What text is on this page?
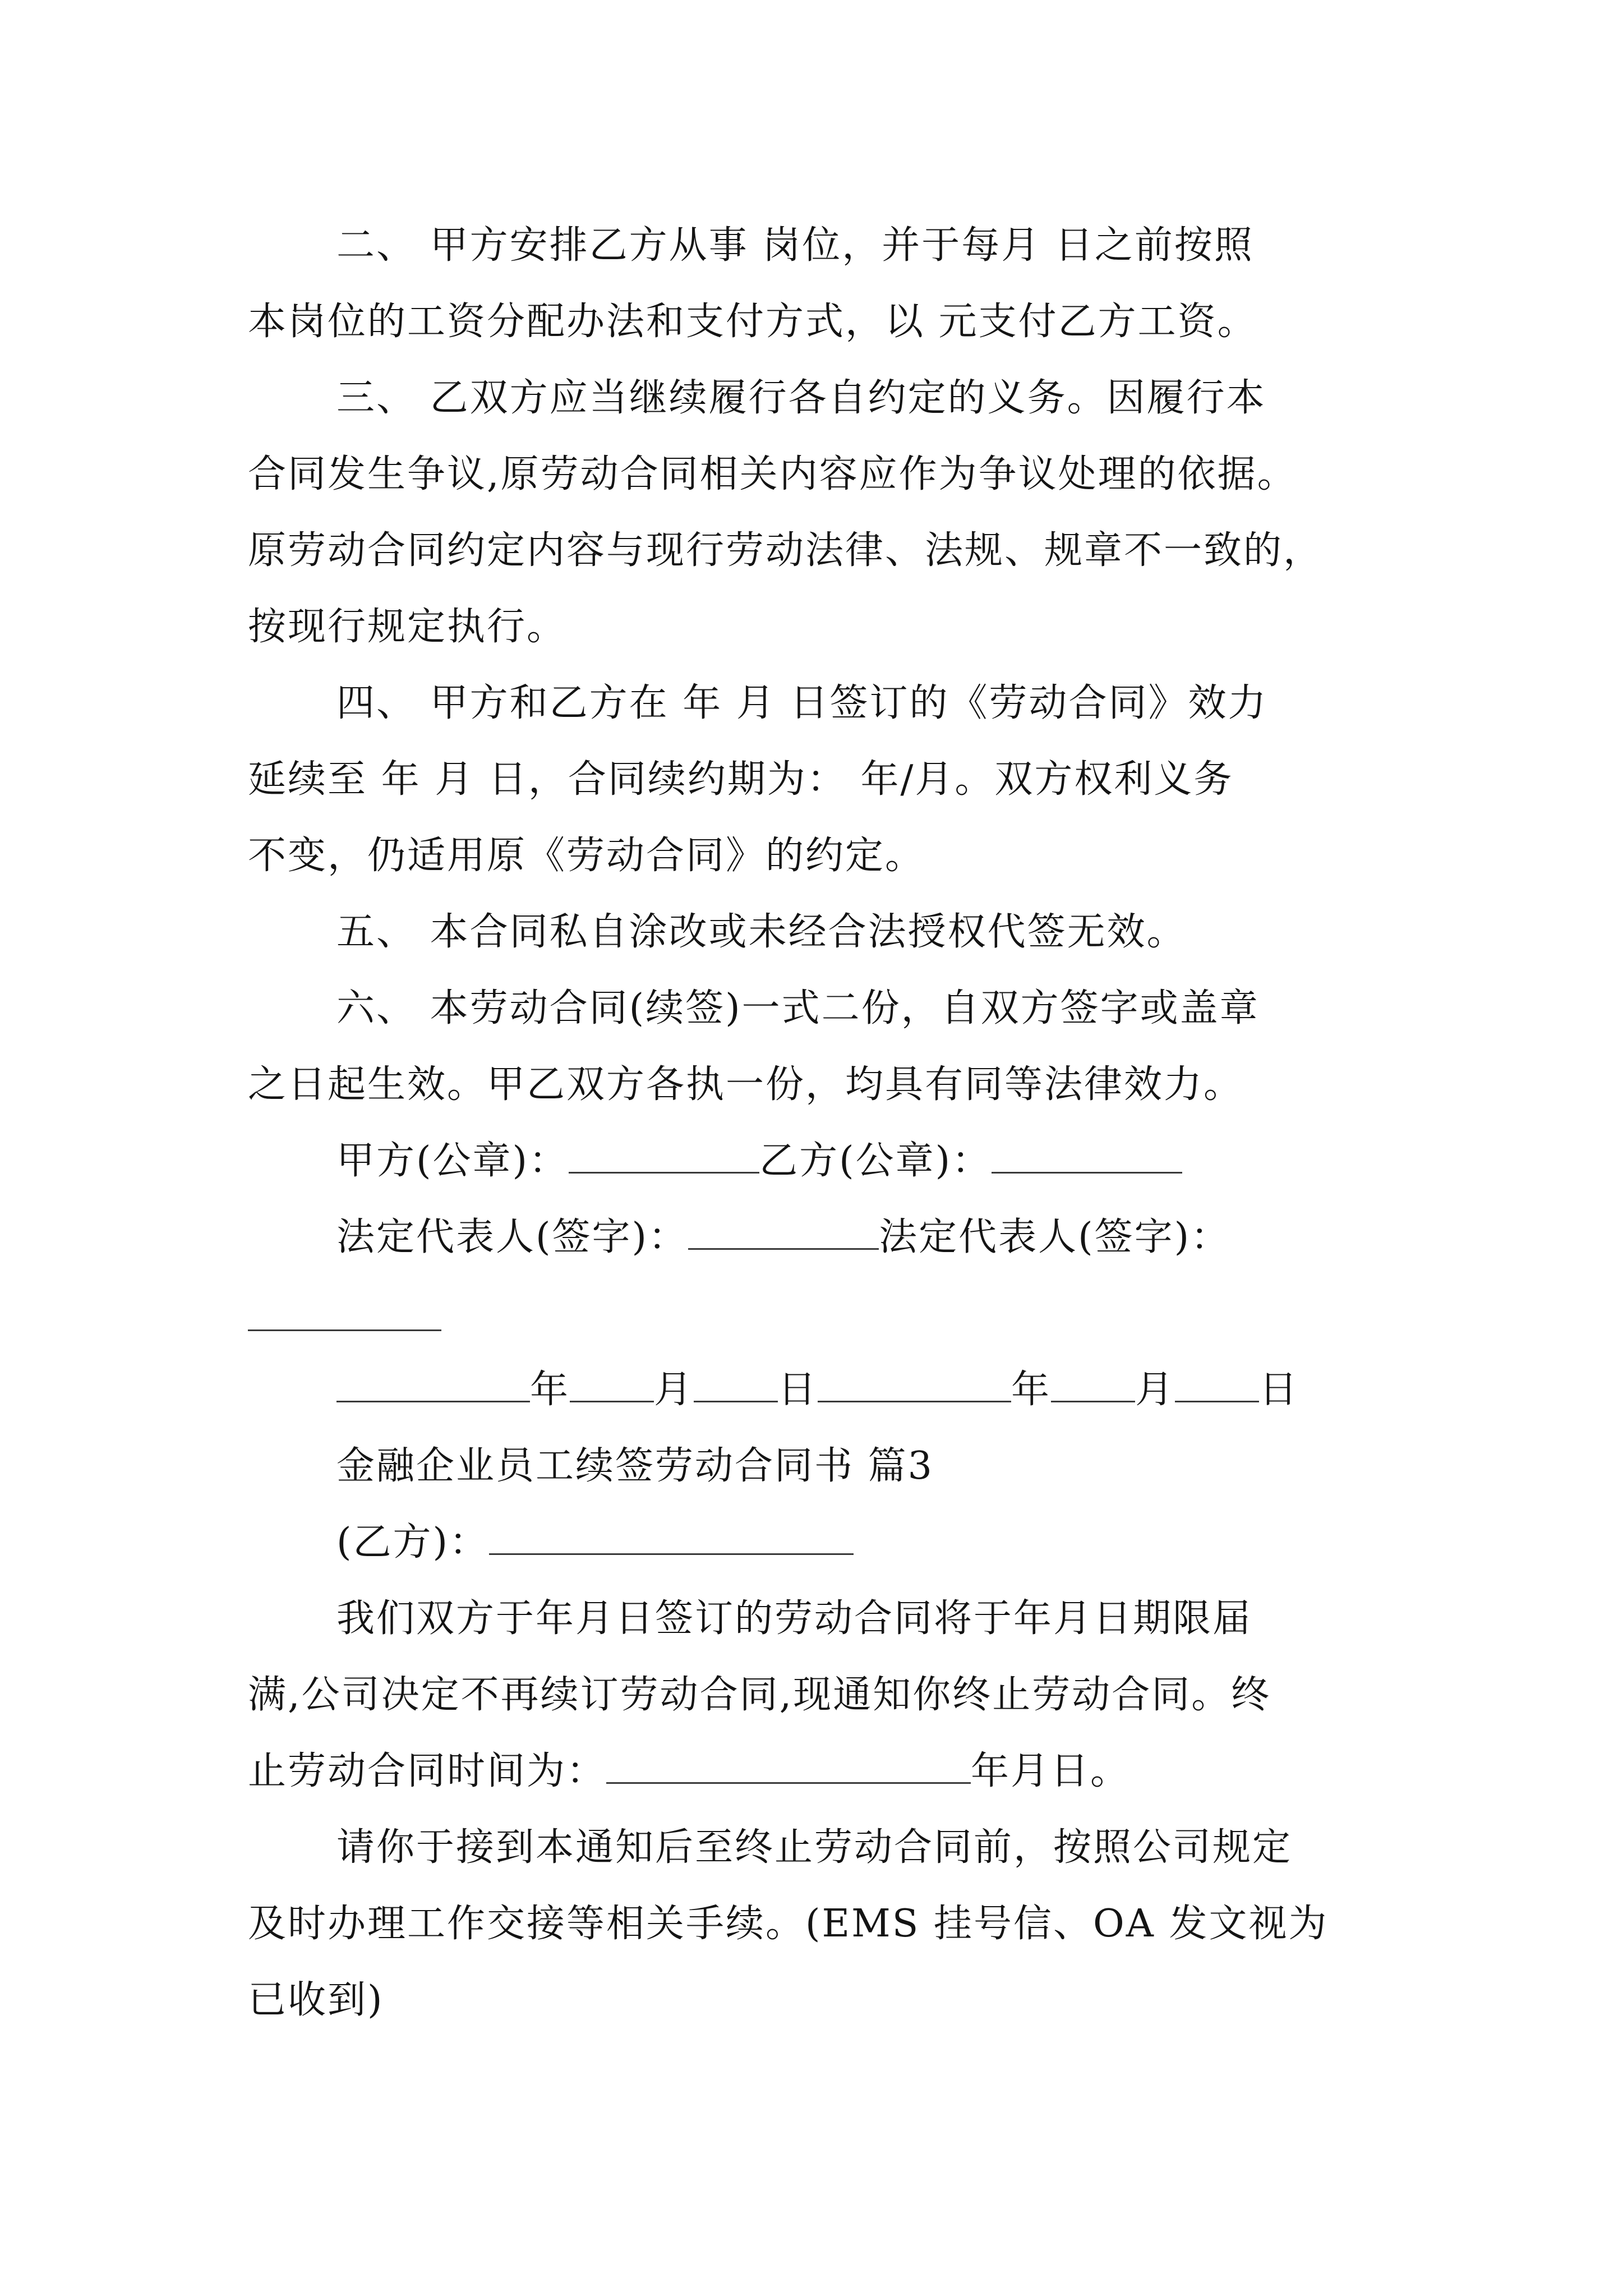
二、 甲方安排乙方从事 岗位，并于每月 日之前按照
本岗位的工资分配办法和支付方式，以 元支付乙方工资。
三、 乙双方应当继续履行各自约定的义务。因履行本
合同发生争议,原劳动合同相关内容应作为争议处理的依据。
原劳动合同约定内容与现行劳动法律、法规、规章不一致的，
按现行规定执行。
四、 甲方和乙方在 年 月 日签订的《劳动合同》效力
延续至 年 月 日，合同续约期为： 年/月。双方权利义务
不变，仍适用原《劳动合同》的约定。
五、 本合同私自涂改或未经合法授权代签无效。
六、 本劳动合同(续签)一式二份，自双方签字或盖章
之日起生效。甲乙双方各执一份，均具有同等法律效力。
甲方(公章)：	乙方(公章)：
法定代表人(签字)：	法定代表人(签字)：
年 月 日	年 月 日
金融企业员工续签劳动合同书 篇3
(乙方)：
我们双方于年月日签订的劳动合同将于年月日期限届
满,公司决定不再续订劳动合同,现通知你终止劳动合同。终
止劳动合同时间为：	年月日。
请你于接到本通知后至终止劳动合同前，按照公司规定
及时办理工作交接等相关手续。(EMS 挂号信、OA 发文视为
已收到)
